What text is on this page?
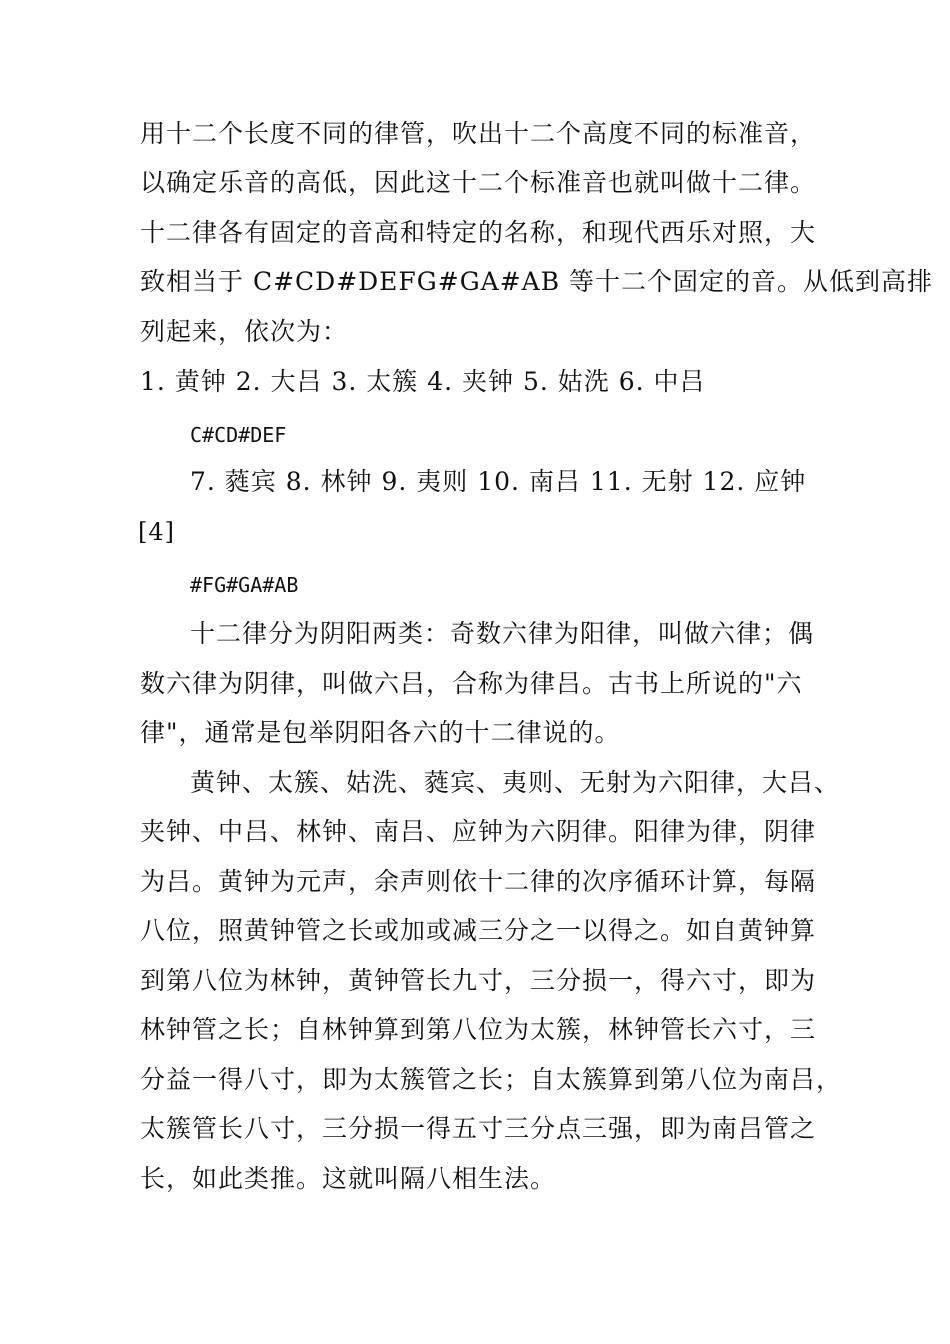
用十二个长度不同的律管，吹出十二个高度不同的标准音，
以确定乐音的高低，因此这十二个标准音也就叫做十二律。
十二律各有固定的音高和特定的名称，和现代西乐对照，大
致相当于 C#CD#DEFG#GA#AB 等十二个固定的音。从低到高排
列起来，依次为：
1. 黄钟 2. 大吕 3. 太簇 4. 夹钟 5. 姑洗 6. 中吕
C#CD#DEF
7. 蕤宾 8. 林钟 9. 夷则 10. 南吕 11. 无射 12. 应钟
[4]
#FG#GA#AB
十二律分为阴阳两类：奇数六律为阳律，叫做六律；偶
数六律为阴律，叫做六吕，合称为律吕。古书上所说的"六
律"，通常是包举阴阳各六的十二律说的。
黄钟、太簇、姑洗、蕤宾、夷则、无射为六阳律，大吕、
夹钟、中吕、林钟、南吕、应钟为六阴律。阳律为律，阴律
为吕。黄钟为元声，余声则依十二律的次序循环计算，每隔
八位，照黄钟管之长或加或减三分之一以得之。如自黄钟算
到第八位为林钟，黄钟管长九寸，三分损一，得六寸，即为
林钟管之长；自林钟算到第八位为太簇，林钟管长六寸，三
分益一得八寸，即为太簇管之长；自太簇算到第八位为南吕，
太簇管长八寸，三分损一得五寸三分点三强，即为南吕管之
长，如此类推。这就叫隔八相生法。
